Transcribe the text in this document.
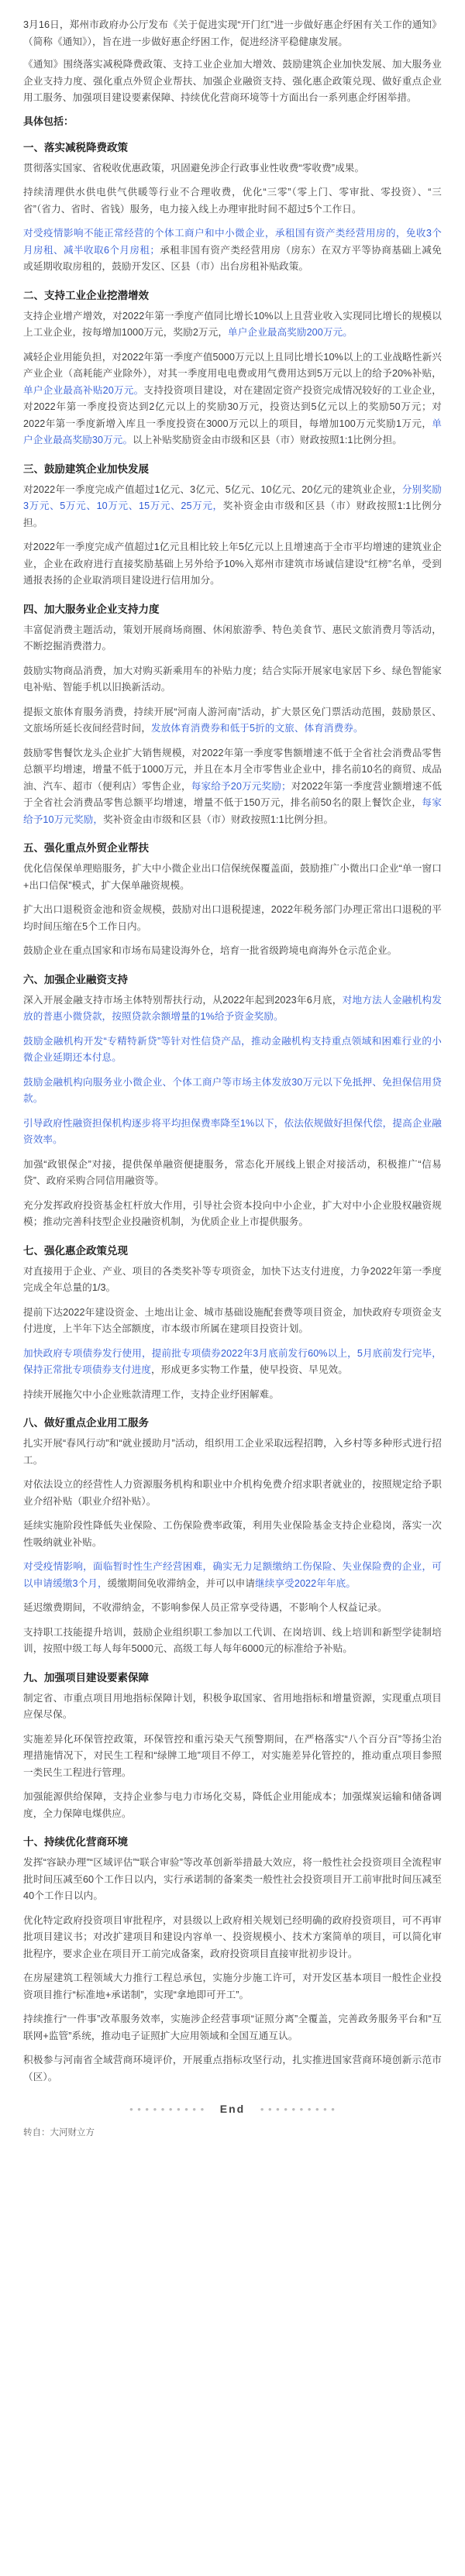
3月16日，郑州市政府办公厅发布《关于促进实现“开门红”进一步做好惠企纾困有关工作的通知》（简称《通知》），旨在进一步做好惠企纾困工作，促进经济平稳健康发展。

《通知》围绕落实减税降费政策、支持工业企业加大增效、鼓励建筑企业加快发展、加大服务业企业支持力度、强化重点外贸企业帮扶、加强企业融资支持、强化惠企政策兑现、做好重点企业用工服务、加强项目建设要素保障、持续优化营商环境等十方面出台一系列惠企纾困举措。

具体包括：
一、落实减税降费政策

贯彻落实国家、省税收优惠政策，巩固避免涉企行政事业性收费“零收费”成果。

持续清理供水供电供气供暖等行业不合理收费，优化“三零”（零上门、零审批、零投资）、“三省”（省力、省时、省钱）服务，电力接入线上办理审批时间不超过5个工作日。

对受疫情影响不能正常经营的个体工商户和中小微企业，承租国有资产类经营用房的，免收3个月房租、减半收取6个月房租；承租非国有资产类经营用房（房东）在双方平等协商基础上减免或延期收取房租的，鼓励开发区、区县（市）出台房租补贴政策。

二、支持工业企业挖潜增效

支持企业增产增效，对2022年第一季度产值同比增长10%以上且营业收入实现同比增长的规模以上工业企业，按每增加1000万元，奖励2万元，单户企业最高奖励200万元。

减轻企业用能负担，对2022年第一季度产值5000万元以上且同比增长10%以上的工业战略性新兴产业企业（高耗能产业除外），对其一季度用电电费或用气费用达到5万元以上的给予20%补贴，单户企业最高补贴20万元。支持投资项目建设，对在建固定资产投资完成情况较好的工业企业，对2022年第一季度投资达到2亿元以上的奖励30万元，投资达到5亿元以上的奖励50万元；对2022年第一季度新增入库且一季度投资在3000万元以上的项目，每增加100万元奖励1万元，单户企业最高奖励30万元。以上补贴奖励资金由市级和区县（市）财政按照1:1比例分担。

三、鼓励建筑企业加快发展

对2022年一季度完成产值超过1亿元、3亿元、5亿元、10亿元、20亿元的建筑业企业，分别奖励3万元、5万元、10万元、15万元、25万元，奖补资金由市级和区县（市）财政按照1:1比例分担。

对2022年一季度完成产值超过1亿元且相比较上年5亿元以上且增速高于全市平均增速的建筑业企业，企业在政府进行直接奖励基础上另外给予10%入郑州市建筑市场诚信建设“红榜”名单，受到通报表扬的企业取消项目建设进行信用加分。

四、加大服务业企业支持力度

丰富促消费主题活动，策划开展商场商圈、休闲旅游季、特色美食节、惠民文旅消费月等活动，不断挖掘消费潜力。

鼓励实物商品消费，加大对购买新乘用车的补贴力度；结合实际开展家电家居下乡、绿色智能家电补贴、智能手机以旧换新活动。

提振文旅体育服务消费，持续开展“河南人游河南”活动，扩大景区免门票活动范围，鼓励景区、文旅场所延长夜间经营时间，发放体育消费券和低于5折的文旅、体育消费券。

鼓励零售餐饮龙头企业扩大销售规模，对2022年第一季度零售额增速不低于全省社会消费品零售总额平均增速，增量不低于1000万元，并且在本月全市零售业企业中，排名前10名的商贸、成品油、汽车、超市（便利店）零售企业，每家给予20万元奖励；对2022年第一季度营业额增速不低于全省社会消费品零售总额平均增速，增量不低于150万元，排名前50名的限上餐饮企业，每家给予10万元奖励，奖补资金由市级和区县（市）财政按照1:1比例分担。

五、强化重点外贸企业帮扶

优化信保保单理赔服务，扩大中小微企业出口信保统保覆盖面，鼓励推广小微出口企业“单一窗口+出口信保”模式，扩大保单融资规模。

扩大出口退税资金池和资金规模，鼓励对出口退税提速，2022年税务部门办理正常出口退税的平均时间压缩在5个工作日内。

鼓励企业在重点国家和市场布局建设海外仓，培育一批省级跨境电商海外仓示范企业。

六、加强企业融资支持

深入开展金融支持市场主体特别帮扶行动，从2022年起到2023年6月底，对地方法人金融机构发放的普惠小微贷款，按照贷款余额增量的1%给予资金奖励。

鼓励金融机构开发“专精特新贷”等针对性信贷产品，推动金融机构支持重点领域和困难行业的小微企业延期还本付息。

鼓励金融机构向服务业小微企业、个体工商户等市场主体发放30万元以下免抵押、免担保信用贷款。

引导政府性融资担保机构逐步将平均担保费率降至1%以下，依法依规做好担保代偿，提高企业融资效率。

加强“政银保企”对接，提供保单融资便捷服务，常态化开展线上银企对接活动，积极推广“信易贷”、政府采购合同信用融资等。

充分发挥政府投资基金杠杆放大作用，引导社会资本投向中小企业，扩大对中小企业股权融资规模；推动完善科技型企业投融资机制，为优质企业上市提供服务。

七、强化惠企政策兑现

对直接用于企业、产业、项目的各类奖补等专项资金，加快下达支付进度，力争2022年第一季度完成全年总量的1/3。

提前下达2022年建设资金、土地出让金、城市基础设施配套费等项目资金，加快政府专项资金支付进度，上半年下达全部额度，市本级市所属在建项目投资计划。

加快政府专项债券发行使用，提前批专项债券2022年3月底前发行60%以上，5月底前发行完毕，保持正常批专项债券支付进度，形成更多实物工作量，使早投资、早见效。

持续开展拖欠中小企业账款清理工作，支持企业纾困解难。

八、做好重点企业用工服务

扎实开展“春风行动”和“就业援助月”活动，组织用工企业采取远程招聘，入乡村等多种形式进行招工。

对依法设立的经营性人力资源服务机构和职业中介机构免费介绍求职者就业的，按照规定给予职业介绍补贴（职业介绍补贴）。

延续实施阶段性降低失业保险、工伤保险费率政策，利用失业保险基金支持企业稳岗，落实一次性吸纳就业补贴。

对受疫情影响，面临暂时性生产经营困难，确实无力足额缴纳工伤保险、失业保险费的企业，可以申请缓缴3个月，缓缴期间免收滞纳金，并可以申请继续享受2022年年底。

延迟缴费期间，不收滞纳金，不影响参保人员正常享受待遇，不影响个人权益记录。

支持职工技能提升培训，鼓励企业组织职工参加以工代训、在岗培训、线上培训和新型学徒制培训，按照中级工每人每年5000元、高级工每人每年6000元的标准给予补贴。

九、加强项目建设要素保障

制定省、市重点项目用地指标保障计划，积极争取国家、省用地指标和增量资源，实现重点项目应保尽保。

实施差异化环保管控政策，环保管控和重污染天气预警期间，在严格落实“八个百分百”等扬尘治理措施情况下，对民生工程和“绿牌工地”项目不停工，对实施差异化管控的，推动重点项目参照一类民生工程进行管理。

加强能源供给保障，支持企业参与电力市场化交易，降低企业用能成本；加强煤炭运输和储备调度，全力保障电煤供应。

十、持续优化营商环境

发挥“容缺办理”“区域评估”“联合审验”等改革创新举措最大效应，将一般性社会投资项目全流程审批时间压减至60个工作日以内，实行承诺制的备案类一般性社会投资项目开工前审批时间压减至40个工作日以内。

优化特定政府投资项目审批程序，对县级以上政府相关规划已经明确的政府投资项目，可不再审批项目建议书；对改扩建项目和建设内容单一、投资规模小、技术方案简单的项目，可以简化审批程序，要求企业在项目开工前完成备案，政府投资项目直接审批初步设计。

在房屋建筑工程领域大力推行工程总承包，实施分步施工许可，对开发区基本项目一般性企业投资项目推行“标准地+承诺制”，实现“拿地即可开工”。

持续推行“一件事”改革服务效率，实施涉企经营事项“证照分离”全覆盖，完善政务服务平台和“互联网+监管”系统，推动电子证照扩大应用领域和全国互通互认。

积极参与河南省全域营商环境评价，开展重点指标攻坚行动，扎实推进国家营商环境创新示范市（区）。

• • • • • • • • • • End • • • • • • • • • •
转自：大河财立方
